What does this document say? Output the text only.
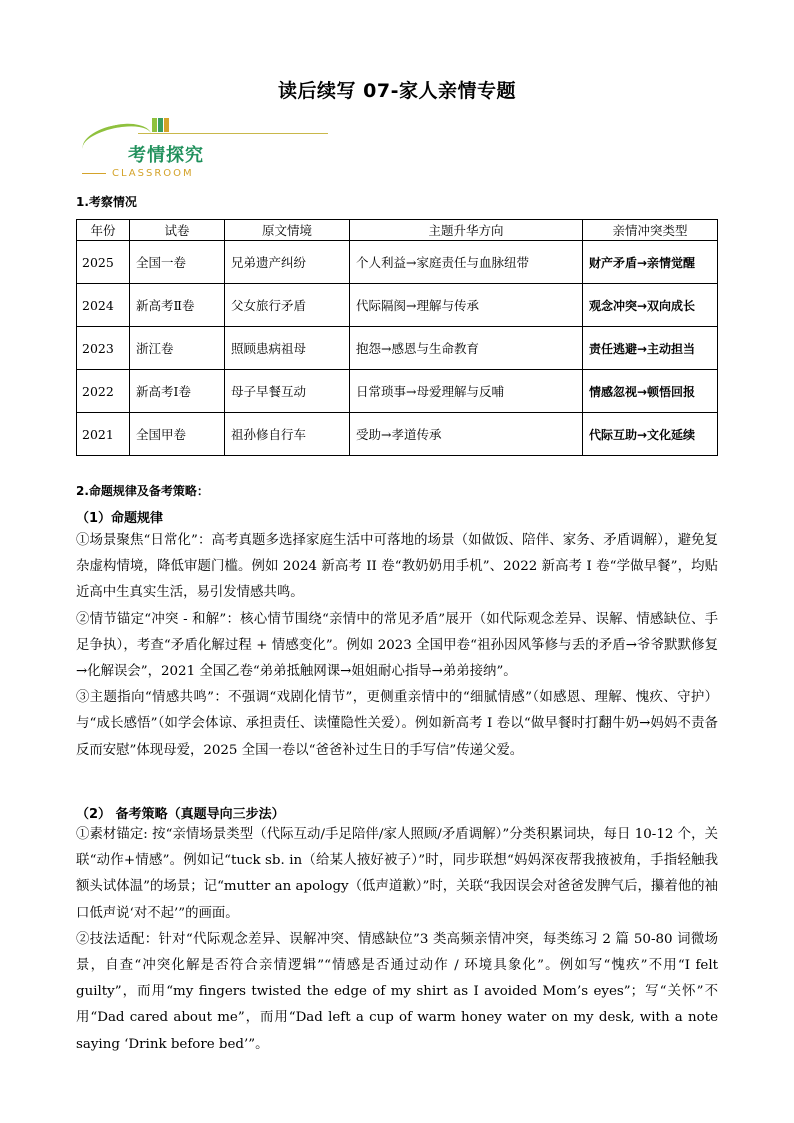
读后续写 07-家人亲情专题
考情探究
CLASSROOM
1.考察情况
年份	试卷	原文情境	主题升华方向	亲情冲突类型
2025	全国一卷	兄弟遗产纠纷	个人利益→家庭责任与血脉纽带	财产矛盾→亲情觉醒
2024	新高考Ⅱ卷	父女旅行矛盾	代际隔阂→理解与传承	观念冲突→双向成长
2023	浙江卷	照顾患病祖母	抱怨→感恩与生命教育	责任逃避→主动担当
2022	新高考Ⅰ卷	母子早餐互动	日常琐事→母爱理解与反哺	情感忽视→顿悟回报
2021	全国甲卷	祖孙修自行车	受助→孝道传承	代际互助→文化延续
2.命题规律及备考策略：
（1）命题规律

①场景聚焦“日常化”：高考真题多选择家庭生活中可落地的场景（如做饭、陪伴、家务、矛盾调解），避免复杂虚构情境，降低审题门槛。例如 2024 新高考 II 卷“教奶奶用手机”、2022 新高考 I 卷“学做早餐”，均贴近高中生真实生活，易引发情感共鸣。

②情节锚定“冲突 - 和解”：核心情节围绕“亲情中的常见矛盾”展开（如代际观念差异、误解、情感缺位、手足争执），考查“矛盾化解过程 + 情感变化”。例如 2023 全国甲卷“祖孙因风筝修与丢的矛盾→爷爷默默修复→化解误会”，2021 全国乙卷“弟弟抵触网课→姐姐耐心指导→弟弟接纳”。

③主题指向“情感共鸣”：不强调“戏剧化情节”，更侧重亲情中的“细腻情感”（如感恩、理解、愧疚、守护）与“成长感悟”（如学会体谅、承担责任、读懂隐性关爱）。例如新高考 I 卷以“做早餐时打翻牛奶→妈妈不责备反而安慰”体现母爱，2025 全国一卷以“爸爸补过生日的手写信”传递父爱。

（2） 备考策略（真题导向三步法）

①素材锚定: 按“亲情场景类型（代际互动/手足陪伴/家人照顾/矛盾调解）”分类积累词块，每日 10-12 个，关联“动作+情感”。例如记“tuck sb. in（给某人掖好被子）”时，同步联想“妈妈深夜帮我掖被角，手指轻触我额头试体温”的场景；记“mutter an apology（低声道歉）”时，关联“我因误会对爸爸发脾气后，攥着他的袖口低声说‘对不起’”的画面。

②技法适配：针对“代际观念差异、误解冲突、情感缺位”3 类高频亲情冲突，每类练习 2 篇 50-80 词微场景，自查“冲突化解是否符合亲情逻辑”“情感是否通过动作 / 环境具象化”。例如写“愧疚”不用“I felt guilty”，而用“my fingers twisted the edge of my shirt as I avoided Mom’s eyes”；写“关怀”不用“Dad cared about me”，而用“Dad left a cup of warm honey water on my desk, with a note saying ‘Drink before bed’”。
